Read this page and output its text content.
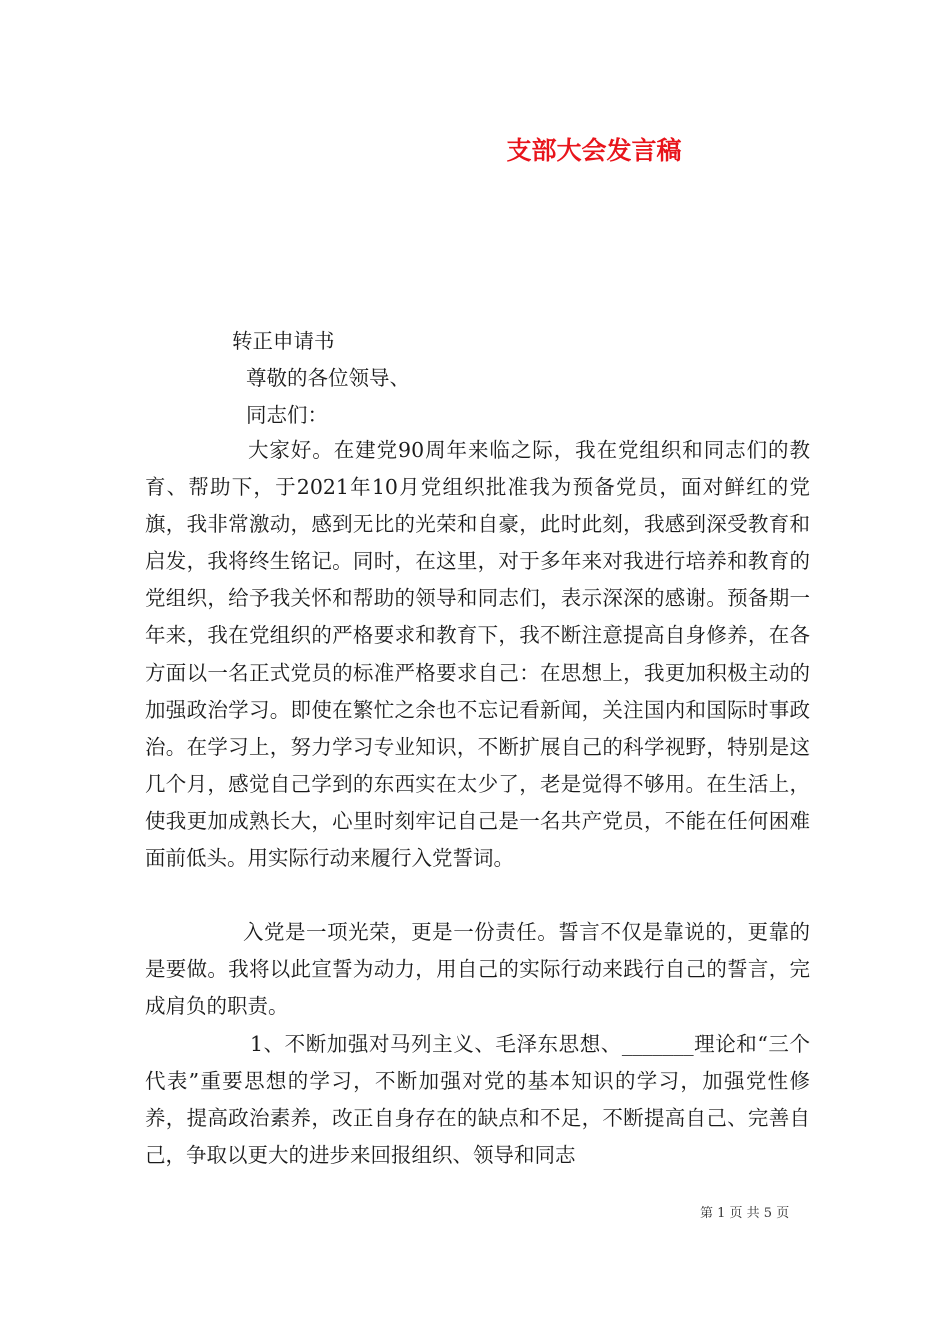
支部大会发言稿

转正申请书

尊敬的各位领导、

同志们：

大家好。在建党90周年来临之际，我在党组织和同志们的教育、帮助下，于2021年10月党组织批准我为预备党员，面对鲜红的党旗，我非常激动，感到无比的光荣和自豪，此时此刻，我感到深受教育和启发，我将终生铭记。同时，在这里，对于多年来对我进行培养和教育的党组织，给予我关怀和帮助的领导和同志们，表示深深的感谢。预备期一年来，我在党组织的严格要求和教育下，我不断注意提高自身修养，在各方面以一名正式党员的标准严格要求自己：在思想上，我更加积极主动的加强政治学习。即使在繁忙之余也不忘记看新闻，关注国内和国际时事政治。在学习上，努力学习专业知识，不断扩展自己的科学视野，特别是这几个月，感觉自己学到的东西实在太少了，老是觉得不够用。在生活上，使我更加成熟长大，心里时刻牢记自己是一名共产党员，不能在任何困难面前低头。用实际行动来履行入党誓词。

入党是一项光荣，更是一份责任。誓言不仅是靠说的，更靠的是要做。我将以此宣誓为动力，用自己的实际行动来践行自己的誓言，完成肩负的职责。

1、不断加强对马列主义、毛泽东思想、_______理论和“三个代表”重要思想的学习，不断加强对党的基本知识的学习，加强党性修养，提高政治素养，改正自身存在的缺点和不足，不断提高自己、完善自己，争取以更大的进步来回报组织、领导和同志

第 1 页 共 5 页
